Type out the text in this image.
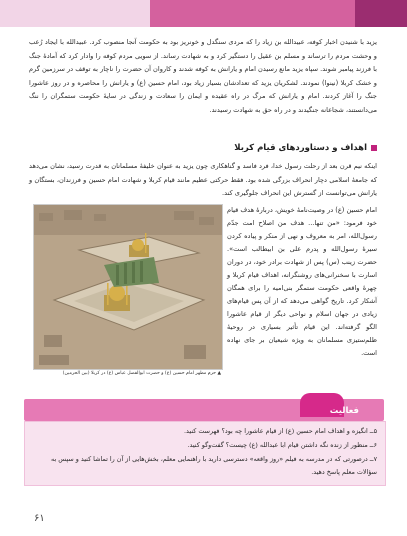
یزید با شنیدن اخبار کوفه، عبیدالله بن زیاد را که مردی سنگدل و خونریز بود به حکومت آنجا منصوب کرد. عبیدالله با ایجاد رُعب و وحشت مردم را ترساند و مسلم بن عقیل را دستگیر کرد و به شهادت رساند. از سویی مردم کوفه را وادار کرد که آمادهٔ جنگ با فرزند پیامبر شوند. سپاه یزید مانع رسیدن امام و یارانش به کوفه شدند و کاروان آن حضرت را ناچار به توقف در سرزمین گرم و خشک کربلا (نینوا) نمودند. لشکریان یزید که تعدادشان بسیار زیاد بود، امام حسین (ع) و یارانش را محاصره و در روز عاشورا جنگ را آغاز کردند. امام و یارانش که مرگ در راه عقیده و ایمان را سعادت و زندگی در سایهٔ حکومت ستمگران را ننگ می‌دانستند، شجاعانه جنگیدند و در راه حق به شهادت رسیدند.

اهداف و دستاوردهای قیام کربلا

اینکه نیم قرن بعد از رحلت رسول خدا، فرد فاسد و گناهکاری چون یزید به عنوان خلیفهٔ مسلمانان به قدرت رسید، نشان می‌دهد که جامعهٔ اسلامی دچار انحراف بزرگی شده بود. فقط حرکتی عظیم مانند قیام کربلا و شهادت امام حسین و فرزندان، بستگان و یارانش می‌توانست از گسترش این انحراف جلوگیری کند.

▲ حرم مطهر امام حسین (ع) و حضرت ابوالفضل عباس (ع) در کربلا (بین الحرمین)

امام حسین (ع) در وصیت‌نامهٔ خویش، دربارهٔ هدف قیام خود فرمود: «من تنها... هدف من اصلاح امت جدّم رسول‌الله، امر به معروف و نهی از منکر و پیاده کردن سیرهٔ رسول‌الله و پدرم علی بن ابیطالب است». حضرت زینب (س) پس از شهادت برادر خود، در دوران اسارت با سخنرانی‌های روشنگرانه، اهداف قیام کربلا و چهرهٔ واقعی حکومت ستمگر بنی‌امیه را برای همگان آشکار کرد. تاریخ گواهی می‌دهد که از آن پس قیام‌های زیادی در جهان اسلام و نواحی دیگر از قیام عاشورا الگو گرفته‌اند. این قیام تأثیر بسیاری در روحیهٔ ظلم‌ستیزی مسلمانان به ویژه شیعیان بر جای نهاده است.

فعالیت

۵ــ انگیزه و اهداف امام حسین (ع) از قیام عاشورا چه بود؟ فهرست کنید.

۶ــ منظور از زنده نگه داشتن قیام ابا عبدالله (ع) چیست؟ گفت‌وگو کنید.

۷ــ درصورتی که در مدرسه به فیلم «روز واقعه» دسترسی دارید با راهنمایی معلم، بخش‌هایی از آن را تماشا کنید و سپس به سؤالات معلم پاسخ دهید.

۶۱
